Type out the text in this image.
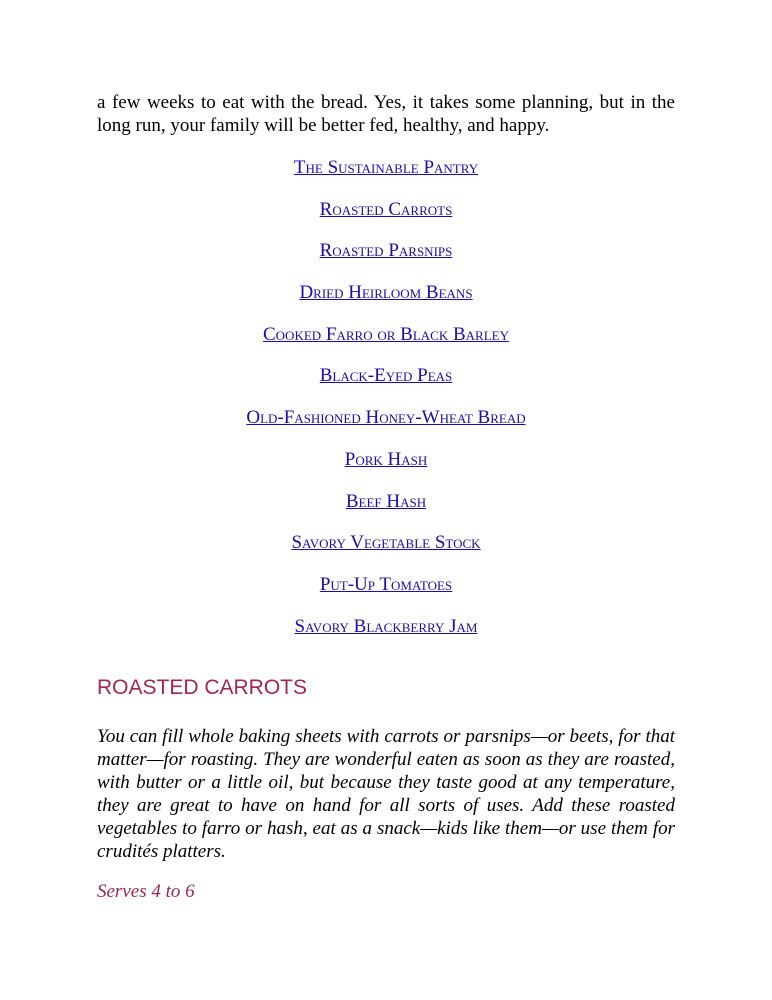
a few weeks to eat with the bread. Yes, it takes some planning, but in the long run, your family will be better fed, healthy, and happy.

The Sustainable Pantry
Roasted Carrots
Roasted Parsnips
Dried Heirloom Beans
Cooked Farro or Black Barley
Black-Eyed Peas
Old-Fashioned Honey-Wheat Bread
Pork Hash
Beef Hash
Savory Vegetable Stock
Put-Up Tomatoes
Savory Blackberry Jam
ROASTED CARROTS

You can fill whole baking sheets with carrots or parsnips—or beets, for that matter—for roasting. They are wonderful eaten as soon as they are roasted, with butter or a little oil, but because they taste good at any temperature, they are great to have on hand for all sorts of uses. Add these roasted vegetables to farro or hash, eat as a snack—kids like them—or use them for crudités platters.

Serves 4 to 6
